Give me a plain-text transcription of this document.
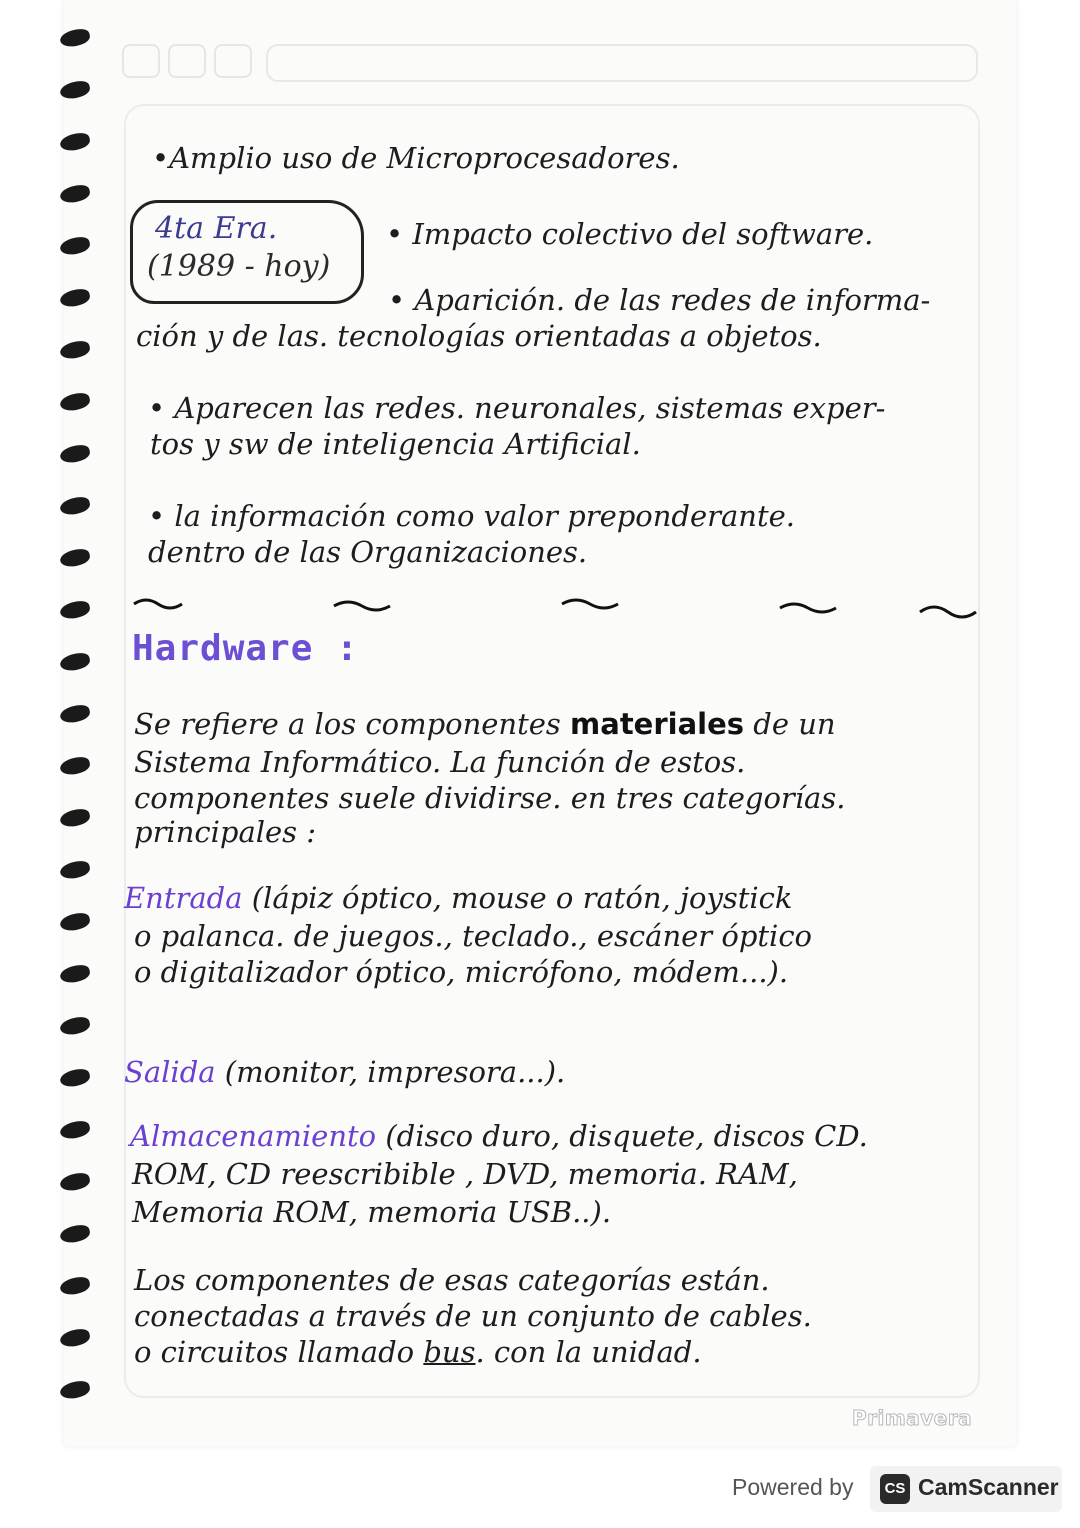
•Amplio uso de Microprocesadores.
4ta Era.
(1989 - hoy)
• Impacto colectivo del software.
• Aparición. de las redes de informa-
ción y de las. tecnologías orientadas a objetos.
• Aparecen las redes. neuronales, sistemas exper-
tos y sw de inteligencia Artificial.
• la información como valor preponderante.
dentro de las Organizaciones.
Hardware :
Se refiere a los componentes materiales de un
Sistema Informático. La función de estos.
componentes suele dividirse. en tres categorías.
principales :
Entrada (lápiz óptico, mouse o ratón, joystick
o palanca. de juegos., teclado., escáner óptico
o digitalizador óptico, micrófono, módem...).
Salida (monitor, impresora...).
Almacenamiento (disco duro, disquete, discos CD.
ROM, CD reescribible , DVD, memoria. RAM,
Memoria ROM, memoria USB..).
Los componentes de esas categorías están.
conectadas a través de un conjunto de cables.
o circuitos llamado bus. con la unidad.
Primavera
Powered by	CS CamScanner
